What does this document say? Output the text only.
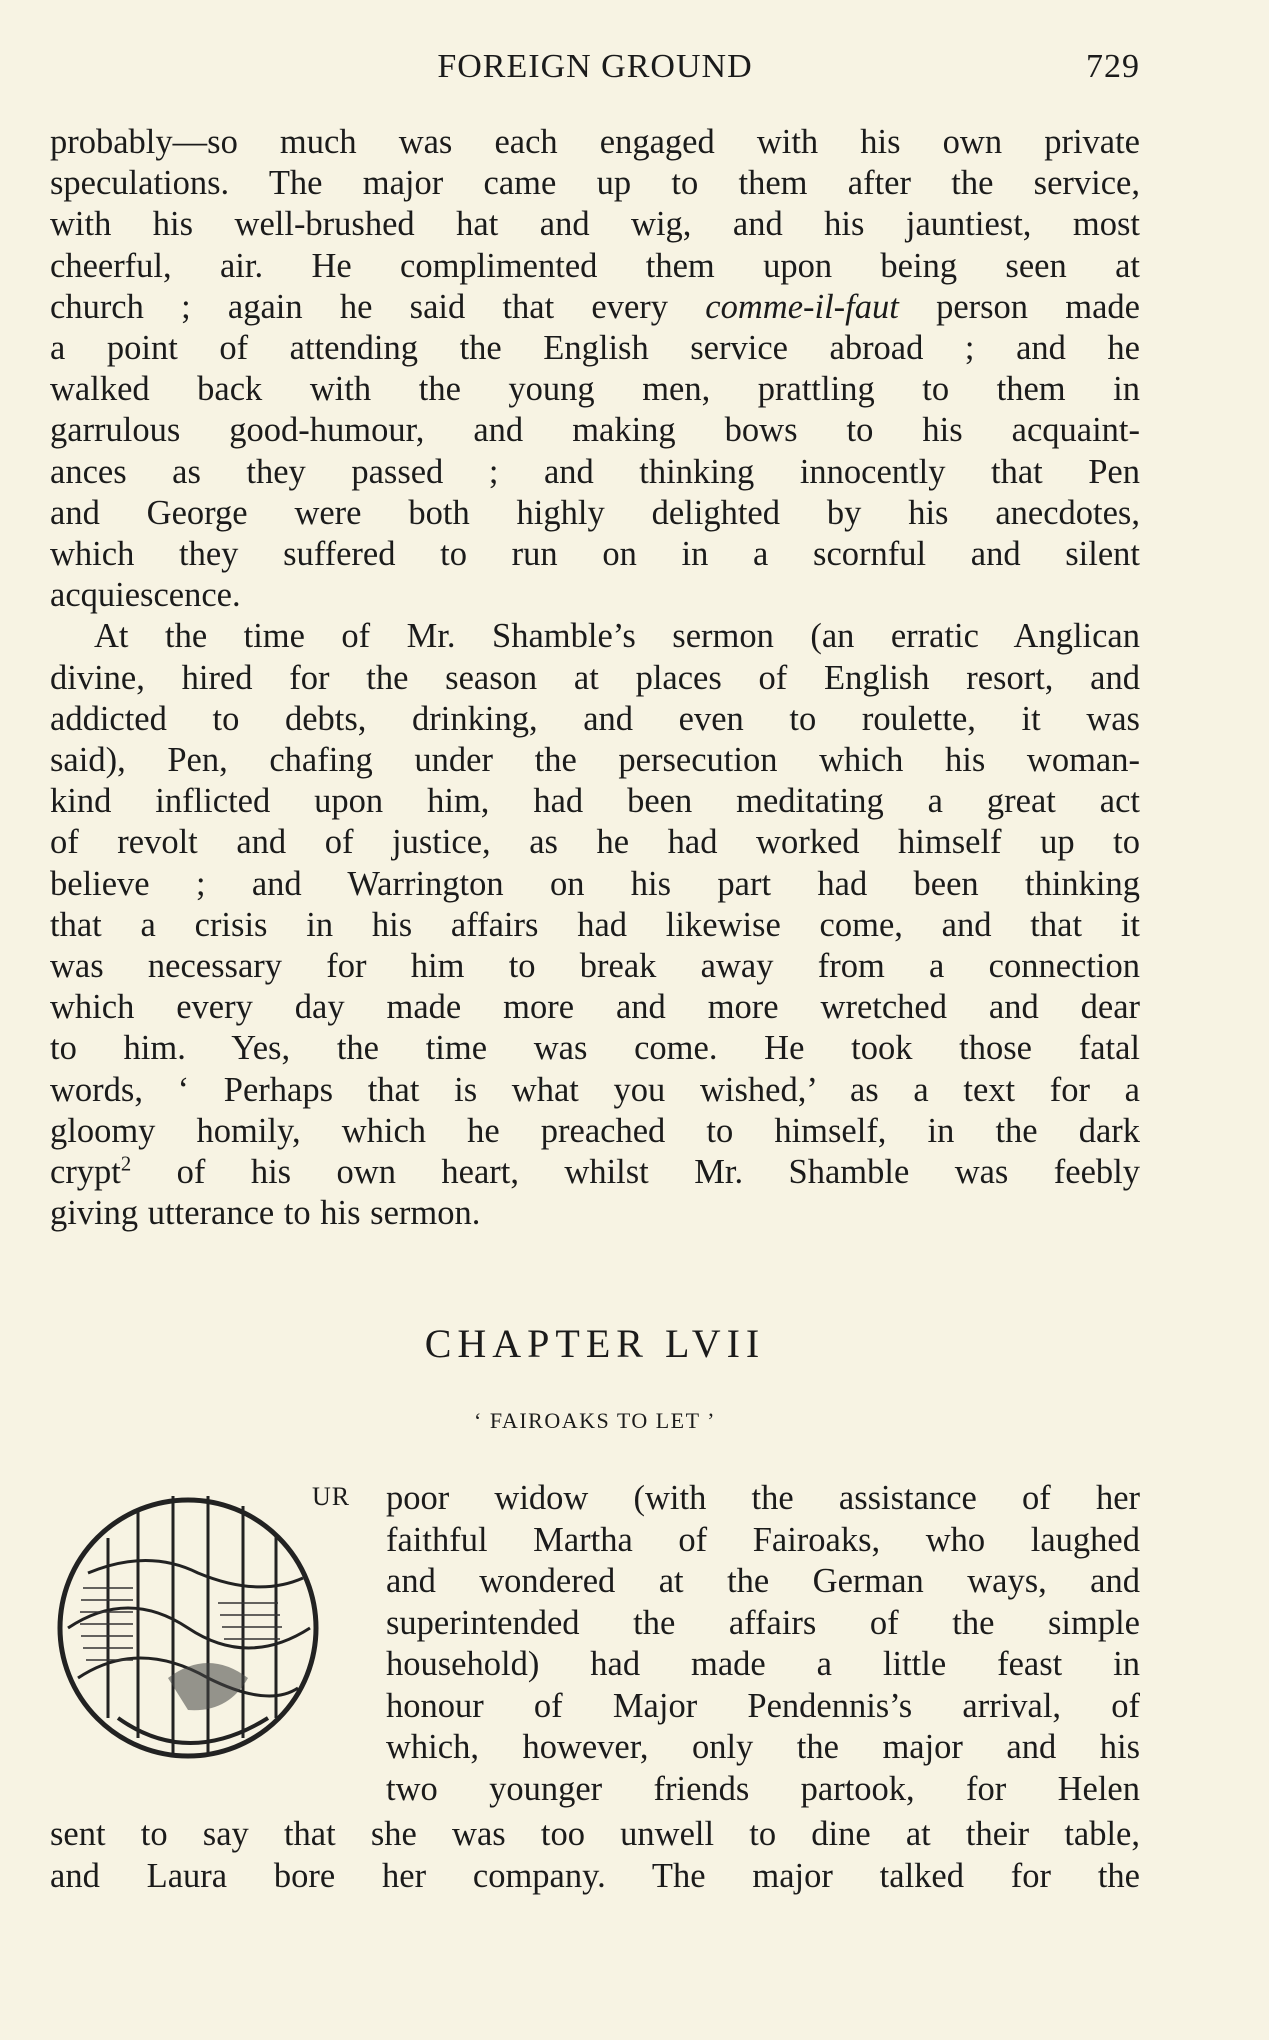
FOREIGN GROUND	729

probably—so much was each engaged with his own private
speculations. The major came up to them after the service,
with his well-brushed hat and wig, and his jauntiest, most
cheerful, air. He complimented them upon being seen at
church ; again he said that every comme-il-faut person made
a point of attending the English service abroad ; and he
walked back with the young men, prattling to them in
garrulous good-humour, and making bows to his acquaint-
ances as they passed ; and thinking innocently that Pen
and George were both highly delighted by his anecdotes,
which they suffered to run on in a scornful and silent
acquiescence.

At the time of Mr. Shamble’s sermon (an erratic Anglican
divine, hired for the season at places of English resort, and
addicted to debts, drinking, and even to roulette, it was
said), Pen, chafing under the persecution which his woman-
kind inflicted upon him, had been meditating a great act
of revolt and of justice, as he had worked himself up to
believe ; and Warrington on his part had been thinking
that a crisis in his affairs had likewise come, and that it
was necessary for him to break away from a connection
which every day made more and more wretched and dear
to him. Yes, the time was come. He took those fatal
words, ‘ Perhaps that is what you wished,’ as a text for a
gloomy homily, which he preached to himself, in the dark
crypt$^2$ of his own heart, whilst Mr. Shamble was feebly
giving utterance to his sermon.

CHAPTER LVII
‘ FAIROAKS TO LET ’
UR poor widow (with the assistance of her
faithful Martha of Fairoaks, who laughed
and wondered at the German ways, and
superintended the affairs of the simple
household) had made a little feast in
honour of Major Pendennis’s arrival, of
which, however, only the major and his
two younger friends partook, for Helen
sent to say that she was too unwell to dine at their table,
and Laura bore her company. The major talked for the
